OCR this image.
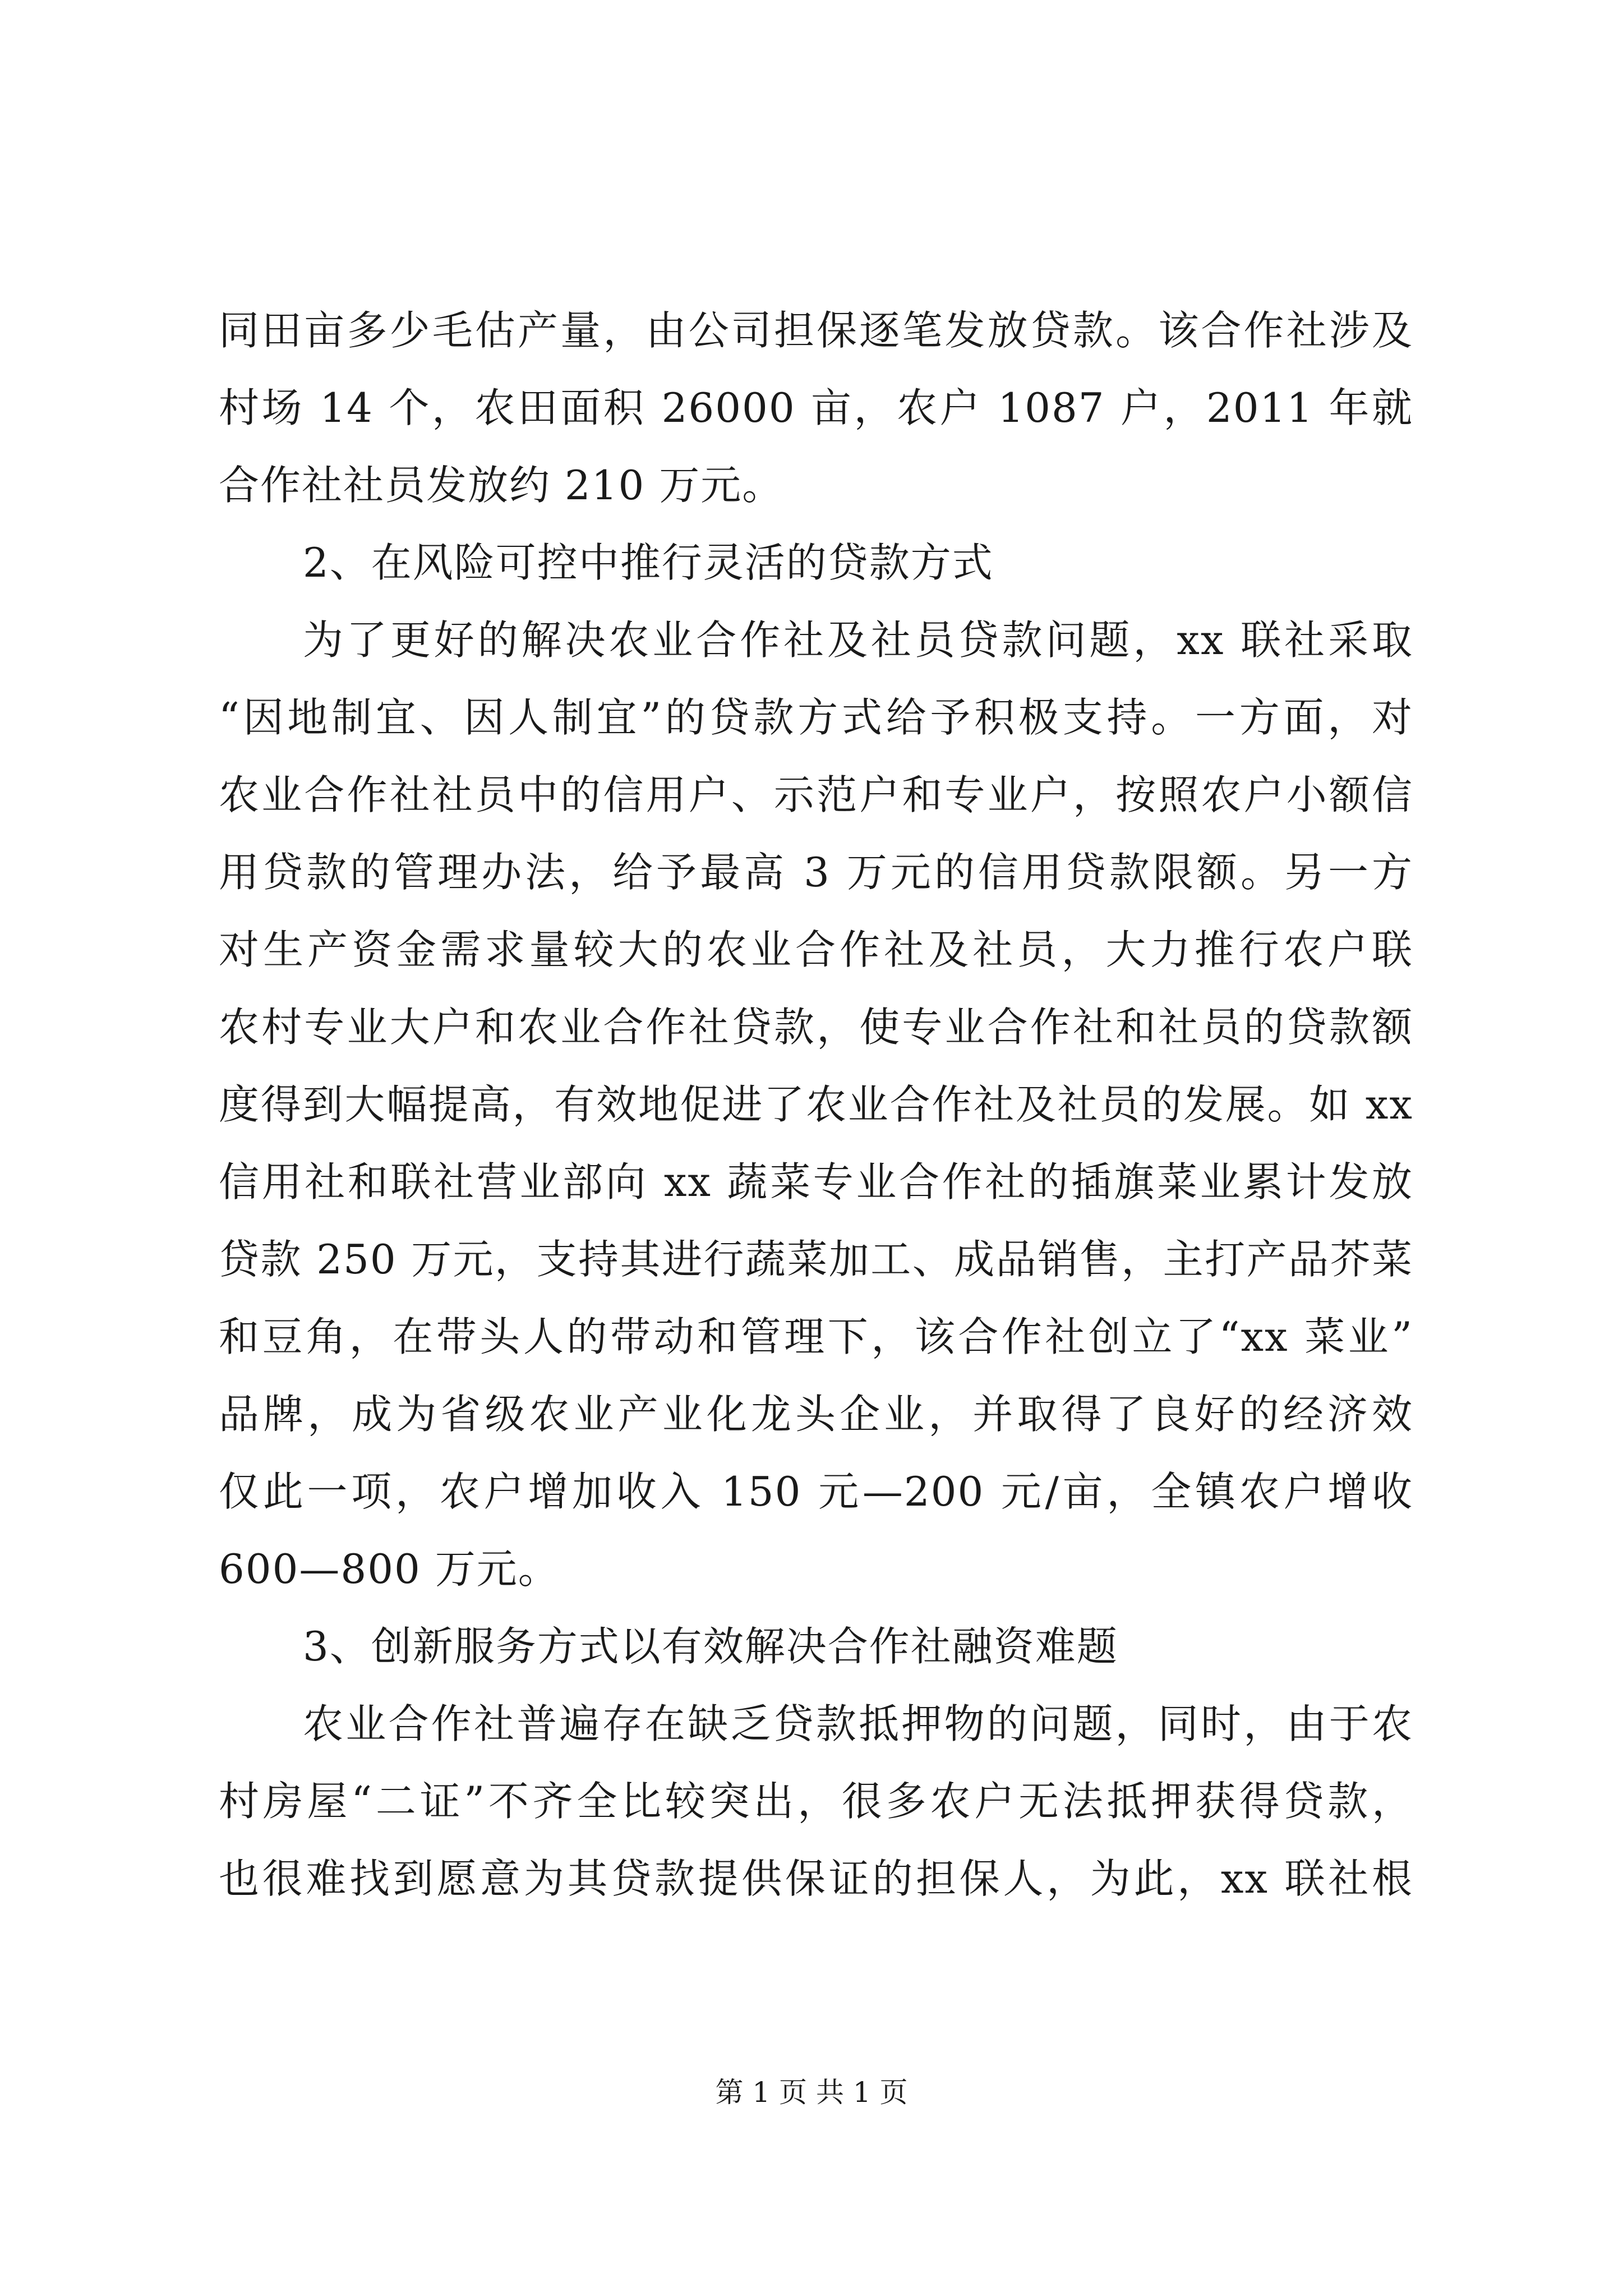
同田亩多少毛估产量，由公司担保逐笔发放贷款。该合作社涉及
村场 14 个，农田面积 26000 亩，农户 1087 户，2011 年就
合作社社员发放约 210 万元。
2、在风险可控中推行灵活的贷款方式
为了更好的解决农业合作社及社员贷款问题，xx 联社采取
“因地制宜、因人制宜”的贷款方式给予积极支持。一方面，对
农业合作社社员中的信用户、示范户和专业户，按照农户小额信
用贷款的管理办法，给予最高 3 万元的信用贷款限额。另一方
对生产资金需求量较大的农业合作社及社员，大力推行农户联
农村专业大户和农业合作社贷款，使专业合作社和社员的贷款额
度得到大幅提高，有效地促进了农业合作社及社员的发展。如 xx
信用社和联社营业部向 xx 蔬菜专业合作社的插旗菜业累计发放
贷款 250 万元，支持其进行蔬菜加工、成品销售，主打产品芥菜
和豆角，在带头人的带动和管理下，该合作社创立了“xx 菜业”
品牌，成为省级农业产业化龙头企业，并取得了良好的经济效
仅此一项，农户增加收入 150 元—200 元/亩，全镇农户增收
600—800 万元。
3、创新服务方式以有效解决合作社融资难题
农业合作社普遍存在缺乏贷款抵押物的问题，同时，由于农
村房屋“二证”不齐全比较突出，很多农户无法抵押获得贷款，
也很难找到愿意为其贷款提供保证的担保人，为此，xx 联社根
第 1 页 共 1 页
